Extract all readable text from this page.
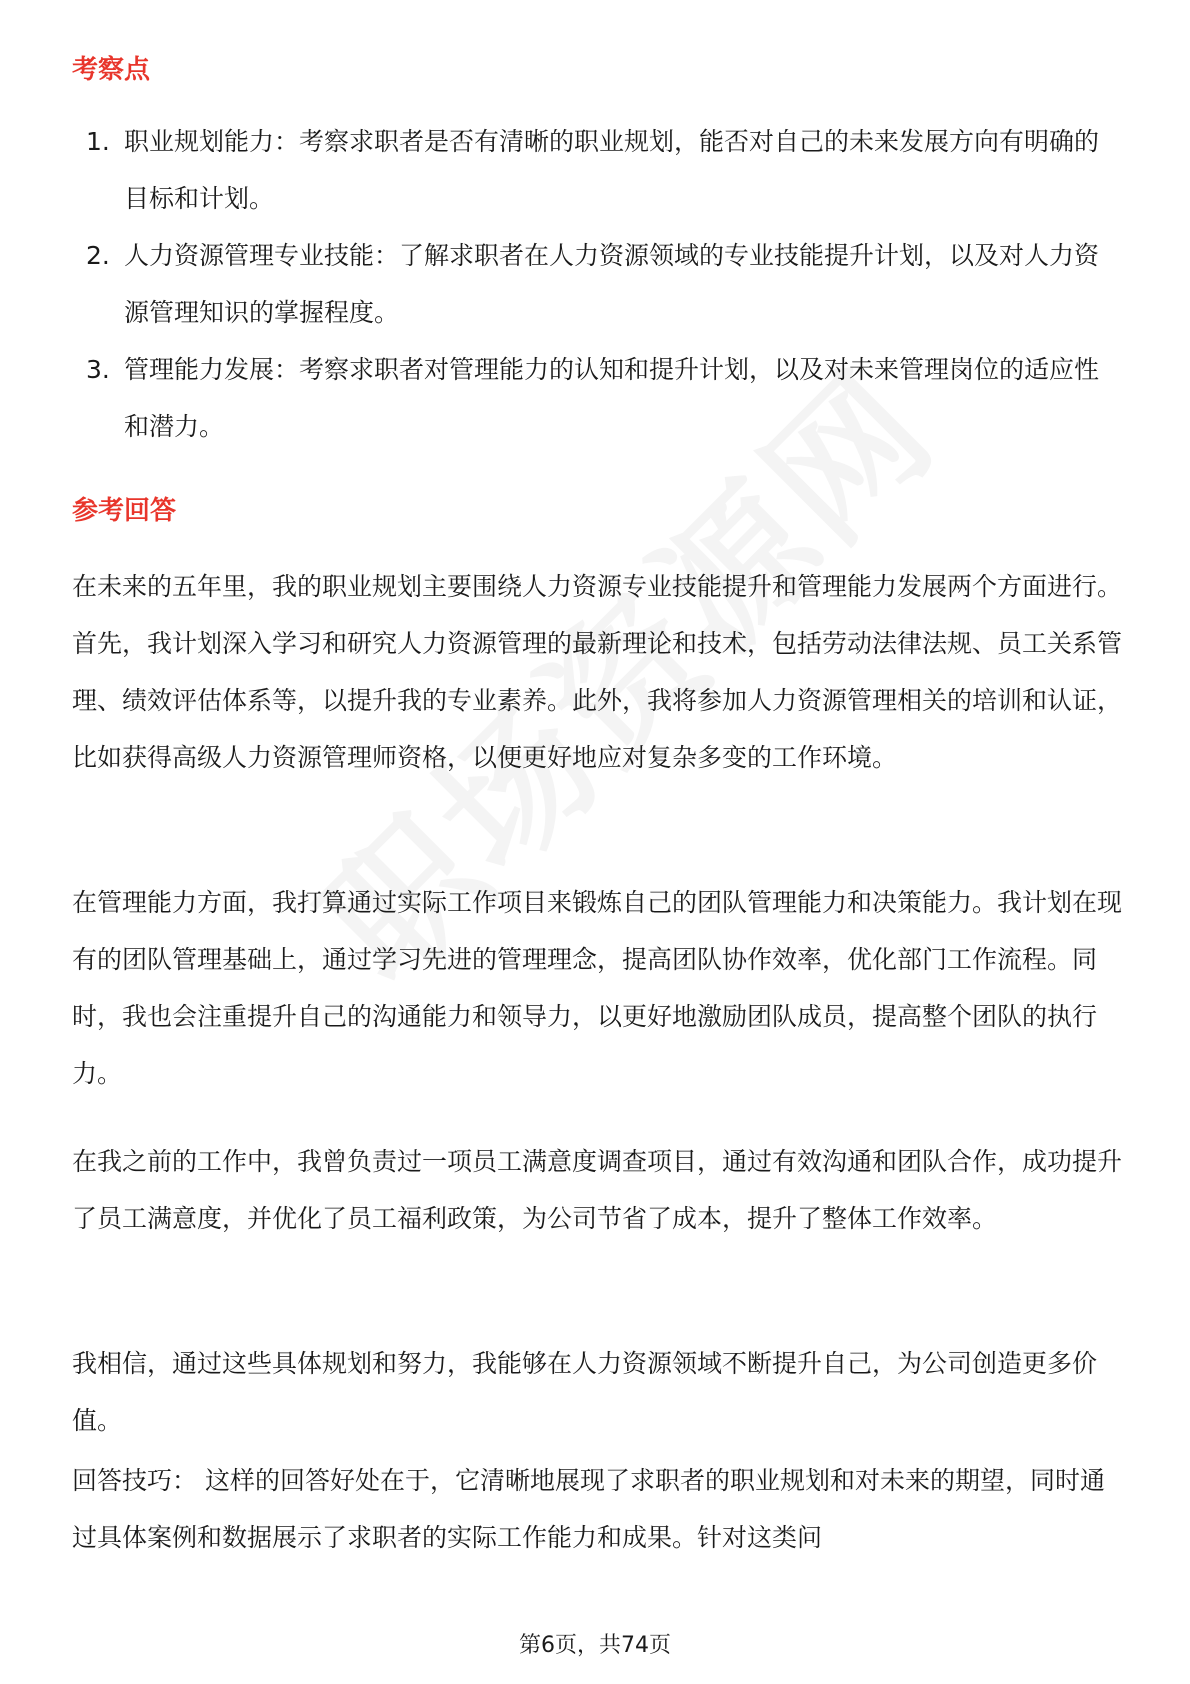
考察点
1. 职业规划能力：考察求职者是否有清晰的职业规划，能否对自己的未来发展方向有明确的目标和计划。
2. 人力资源管理专业技能：了解求职者在人力资源领域的专业技能提升计划，以及对人力资源管理知识的掌握程度。
3. 管理能力发展：考察求职者对管理能力的认知和提升计划，以及对未来管理岗位的适应性和潜力。
参考回答

在未来的五年里，我的职业规划主要围绕人力资源专业技能提升和管理能力发展两个方面进行。首先，我计划深入学习和研究人力资源管理的最新理论和技术，包括劳动法律法规、员工关系管理、绩效评估体系等，以提升我的专业素养。此外，我将参加人力资源管理相关的培训和认证，比如获得高级人力资源管理师资格，以便更好地应对复杂多变的工作环境。

在管理能力方面，我打算通过实际工作项目来锻炼自己的团队管理能力和决策能力。我计划在现有的团队管理基础上，通过学习先进的管理理念，提高团队协作效率，优化部门工作流程。同时，我也会注重提升自己的沟通能力和领导力，以更好地激励团队成员，提高整个团队的执行力。

在我之前的工作中，我曾负责过一项员工满意度调查项目，通过有效沟通和团队合作，成功提升了员工满意度，并优化了员工福利政策，为公司节省了成本，提升了整体工作效率。

我相信，通过这些具体规划和努力，我能够在人力资源领域不断提升自己，为公司创造更多价值。

回答技巧： 这样的回答好处在于，它清晰地展现了求职者的职业规划和对未来的期望，同时通过具体案例和数据展示了求职者的实际工作能力和成果。针对这类问

第6页，共74页
